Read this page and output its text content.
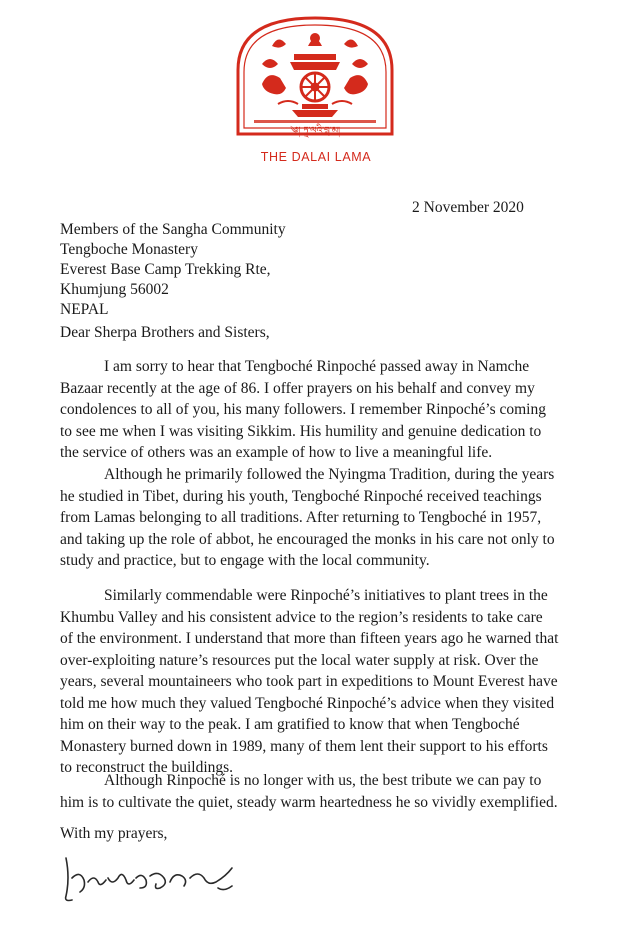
༄། ཏཱ་ལའི་བླ་མ།
THE DALAI LAMA
2 November 2020
Members of the Sangha Community
Tengboche Monastery
Everest Base Camp Trekking Rte,
Khumjung 56002
NEPAL
Dear Sherpa Brothers and Sisters,
I am sorry to hear that Tengboché Rinpoché passed away in Namche
Bazaar recently at the age of 86. I offer prayers on his behalf and convey my
condolences to all of you, his many followers. I remember Rinpoché’s coming
to see me when I was visiting Sikkim. His humility and genuine dedication to
the service of others was an example of how to live a meaningful life.
Although he primarily followed the Nyingma Tradition, during the years
he studied in Tibet, during his youth, Tengboché Rinpoché received teachings
from Lamas belonging to all traditions. After returning to Tengboché in 1957,
and taking up the role of abbot, he encouraged the monks in his care not only to
study and practice, but to engage with the local community.
Similarly commendable were Rinpoché’s initiatives to plant trees in the
Khumbu Valley and his consistent advice to the region’s residents to take care
of the environment. I understand that more than fifteen years ago he warned that
over-exploiting nature’s resources put the local water supply at risk. Over the
years, several mountaineers who took part in expeditions to Mount Everest have
told me how much they valued Tengboché Rinpoché’s advice when they visited
him on their way to the peak. I am gratified to know that when Tengboché
Monastery burned down in 1989, many of them lent their support to his efforts
to reconstruct the buildings.
Although Rinpoché is no longer with us, the best tribute we can pay to
him is to cultivate the quiet, steady warm heartedness he so vividly exemplified.
With my prayers,
